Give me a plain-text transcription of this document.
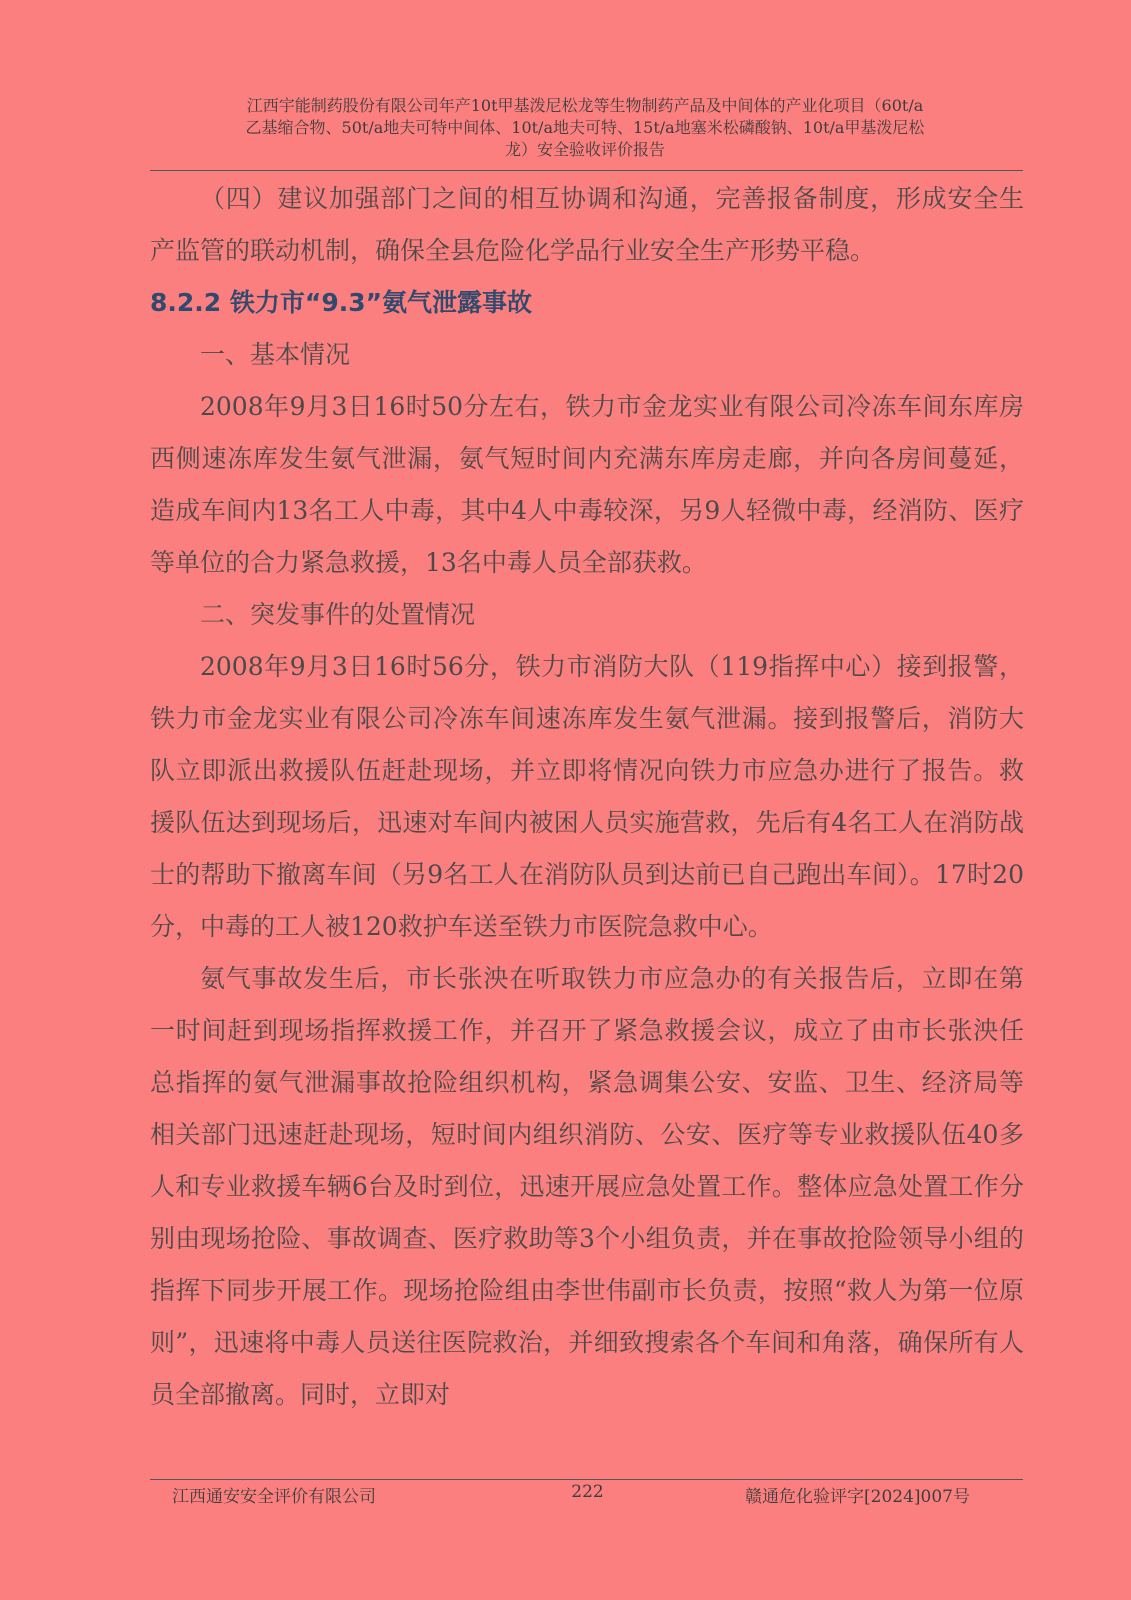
江西宇能制药股份有限公司年产10t甲基泼尼松龙等生物制药产品及中间体的产业化项目（60t/a
乙基缩合物、50t/a地夫可特中间体、10t/a地夫可特、15t/a地塞米松磷酸钠、10t/a甲基泼尼松
龙）安全验收评价报告

（四）建议加强部门之间的相互协调和沟通，完善报备制度，形成安全生产监管的联动机制，确保全县危险化学品行业安全生产形势平稳。

8.2.2 铁力市“9.3”氨气泄露事故

一、基本情况

2008年9月3日16时50分左右，铁力市金龙实业有限公司冷冻车间东库房西侧速冻库发生氨气泄漏，氨气短时间内充满东库房走廊，并向各房间蔓延，造成车间内13名工人中毒，其中4人中毒较深，另9人轻微中毒，经消防、医疗等单位的合力紧急救援，13名中毒人员全部获救。

二、突发事件的处置情况

2008年9月3日16时56分，铁力市消防大队（119指挥中心）接到报警，铁力市金龙实业有限公司冷冻车间速冻库发生氨气泄漏。接到报警后，消防大队立即派出救援队伍赶赴现场，并立即将情况向铁力市应急办进行了报告。救援队伍达到现场后，迅速对车间内被困人员实施营救，先后有4名工人在消防战士的帮助下撤离车间（另9名工人在消防队员到达前已自己跑出车间）。17时20分，中毒的工人被120救护车送至铁力市医院急救中心。

氨气事故发生后，市长张泱在听取铁力市应急办的有关报告后，立即在第一时间赶到现场指挥救援工作，并召开了紧急救援会议，成立了由市长张泱任总指挥的氨气泄漏事故抢险组织机构，紧急调集公安、安监、卫生、经济局等相关部门迅速赶赴现场，短时间内组织消防、公安、医疗等专业救援队伍40多人和专业救援车辆6台及时到位，迅速开展应急处置工作。整体应急处置工作分别由现场抢险、事故调查、医疗救助等3个小组负责，并在事故抢险领导小组的指挥下同步开展工作。现场抢险组由李世伟副市长负责，按照“救人为第一位原则”，迅速将中毒人员送往医院救治，并细致搜索各个车间和角落，确保所有人员全部撤离。同时，立即对

江西通安安全评价有限公司	222	赣通危化验评字[2024]007号
